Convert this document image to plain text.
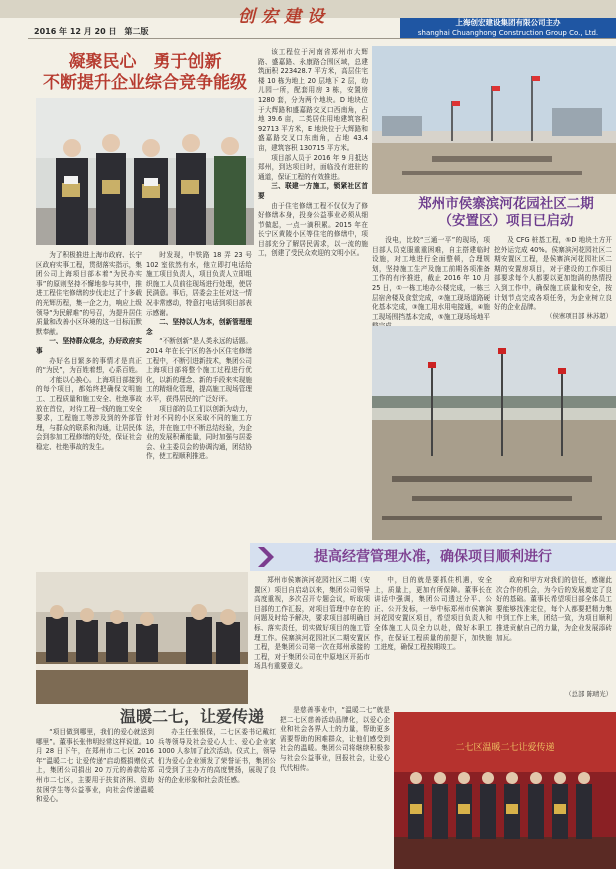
创宏建设
2016 年 12 月 20 日　第二版
上海创宏建设集团有限公司主办
shanghai Chuanghong Construction Group Co., Ltd.
凝聚民心　勇于创新
不断提升企业综合竞争能级

为了积极推进上海市政府、长宁区政府实事工程，贯彻落实指示，集团公司上海项目部本着“为民办实事”的原则坚持不懈地参与其中，推进工程住宅修缮的步伐走过了十多载的光辉历程，集一企之力，响应上级领导“为民解难”的号召，为提升居住质量和改善小区环境的这一目标而默默奉献。

一、坚持群众观念，办好政府实事

办好名目繁多的事情才是真正的“为民”，为百姓着想，心系百姓。

才能以心换心。上海项目部接到的每个项目，都始终把确保文明施工、工程质量和施工安全、杜绝事故放在首位，对待工程一线的施工安全要求，工程施工等涉及到的外部管理，与群众的联系和沟通，让居民体会到参加工程修缮的好处，保证社会稳定、杜绝事故的发生。

时发现，中铁路 18 弄 23 号 102 室依然有水，他立即打电话给施工项目负责人，项目负责人立即组织施工人员前往现场进行处理，使居民满意。事后，居委会主任对这一情况非常感动，特意打电话到项目部表示感谢。

二、坚持以人为本，创新管理理念

“不断创新”是人类永远的话题。2014 年在长宁区的各小区住宅修缮工程中，不断引进新技术，集团公司上海项目部将整个施工过程进行优化，以新的理念、新的手段来实现施工的精细化管理，提高施工现场管理水平，获得居民的广泛好评。

项目部的员工们以创新为动力，针对不同的小区采取不同的施工方法，并在施工中不断总结经验，为企业的发展积蓄能量，同时加强与居委会、业主委员会的协调沟通，团结协作，使工程顺利推进。

该工程位于河南省郑州市大辉路、盛嘉路、永康路合围区域，总建筑面积 223428.7 平方米，高层住宅楼 10 栋为地上 20 层地下 2 层，幼儿园一所，配套用房 3 栋，安置房 1280 套，分为两个地块。D 地块位于大辉路和盛嘉路交叉口西南角，占地 39.6 亩，二类居住用地建筑容积 92713 平方米，E 地块位于大辉路和盛嘉路交叉口东南角，占地 43.4 亩，建筑容积 130715 平方米。

项目部人员于 2016 年 9 月抵达郑州，到达项目时，面临没有进驻的通道，保证工程的有效推进。

三、联建一方施工，锁紧社区首要

由于住宅修缮工程不仅仅为了修好修缮本身，投身公益事业必须从细节做起，一点一滴积累。2015 年在长宁区黄陵小区等住宅的修缮中，项目部充分了解居民需求，以一流的施工，创建了受民众欢迎的文明小区。

郑州市侯寨滨河花园社区二期
（安置区）项目已启动

没电，比较“三通一平”的现场，项目部人员克服重重困难，自主搭建临时设施，对工地进行全面整顿，合理规划，坚持施工生产及施工前期各项准备工作的有序推进，截止 2016 年 10 月 25 日，①一栋工地办公楼完成，一栋三层宿舍楼及食堂完成，②施工现场道路硬化基本完成，③施工用水用电接通，④施工现场围挡基本完成，⑤施工现场场地平

及 CFG 桩基工程，⑤D 地块土方开挖外运完成 40%。侯寨滨河花园社区二期安置区工程，是侯寨滨河花园社区二期的安置房项目，对于建设的工作项目部要求每个人都要以更加饱满的热情投入到工作中，确保施工质量和安全，按计划节点完成各项任务，为企业树立良好的企业品牌。

（侯寨项目部 林苏超）
提高经营管理水准，确保项目顺利进行

郑州市侯寨滨河花园社区二期（安置区）项目自启动以来，集团公司领导高度重视，多次召开专题会议，听取项目部的工作汇报，对项目管理中存在的问题及时给予解决，要求项目部明确目标、落实责任，切实做好项目的施工管理工作。侯寨滨河花园社区二期安置区工程，是集团公司第一次在郑州承接的工程，对于集团公司在中原地区开拓市场具有重要意义。

中，目的就是要抓住机遇，安全上，质量上，更加有所保障。董事长在讲话中强调，集团公司透过分平、公正、公开发标，一举中标郑州市侯寨滨河花园安置区项目，希望项目负责人和全体施工人员全力以赴，做好本职工作，在保证工程质量的前提下，加快施工进度，确保工程按期竣工。

政府和甲方对我们的信任，感谢此次合作的机会，为今后的发展奠定了良好的基础。董事长希望项目部全体员工要能够找准定位，每个人都要把精力集中到工作上来，团结一致，为项目顺利推进贡献自己的力量，为企业发展添砖加瓦。

（总部 陈晴光）
温暖二七，让爱传递

“项目做到哪里，我们的爱心就送到哪里”。董事长张伟明经常这样说道。10 月 28 日下午，在郑州市二七区 2016 年“温暖二七 让爱传递”启动暨捐赠仪式上，集团公司捐出 20 万元的善款给郑州市二七区，主要用于扶贫济困、资助贫困学生等公益事业，向社会传递温暖和爱心。

办主任张银保，二七区委书记戴红兵等领导及社会爱心人士、爱心企业家 1000 人参加了此次活动。仪式上，领导们为爱心企业颁发了荣誉证书，集团公司受到了主办方的高度赞扬，展现了良好的企业形象和社会责任感。

是慈善事业中，“温暖二七”就是把二七区慈善活动品牌化，以爱心企业和社会各界人士的力量，帮助更多需要帮助的困难群众，让他们感受到社会的温暖。集团公司将继续积极参与社会公益事业，回报社会，让爱心代代相传。

二七区温暖二七让爱传递
